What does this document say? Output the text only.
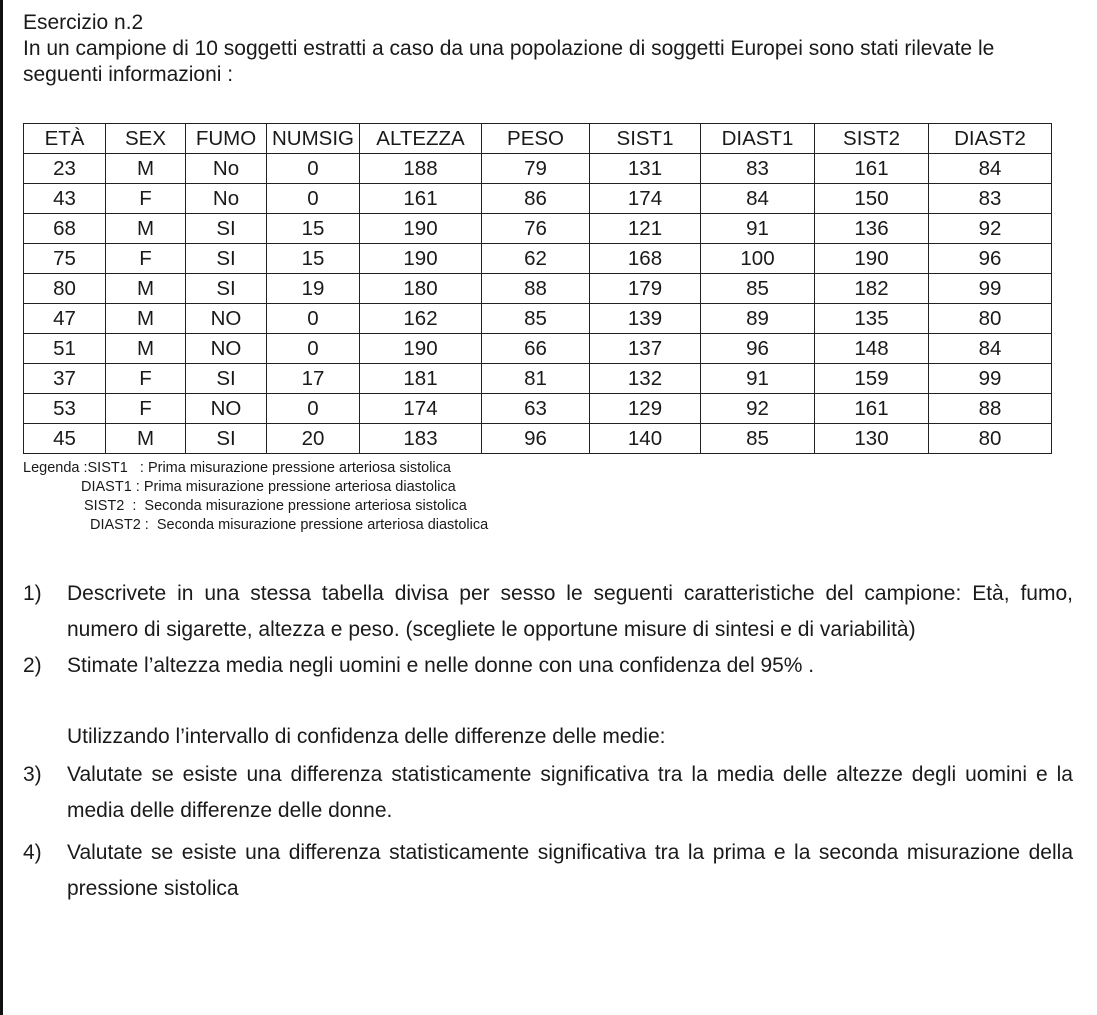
Esercizio n.2

In un campione di 10 soggetti estratti a caso da una popolazione di soggetti Europei sono stati rilevate le seguenti informazioni :

ETÀ	SEX	FUMO	NUMSIG	ALTEZZA	PESO	SIST1	DIAST1	SIST2	DIAST2
23	M	No	0	188	79	131	83	161	84
43	F	No	0	161	86	174	84	150	83
68	M	SI	15	190	76	121	91	136	92
75	F	SI	15	190	62	168	100	190	96
80	M	SI	19	180	88	179	85	182	99
47	M	NO	0	162	85	139	89	135	80
51	M	NO	0	190	66	137	96	148	84
37	F	SI	17	181	81	132	91	159	99
53	F	NO	0	174	63	129	92	161	88
45	M	SI	20	183	96	140	85	130	80
Legenda :SIST1   : Prima misurazione pressione arteriosa sistolica
DIAST1 : Prima misurazione pressione arteriosa diastolica
SIST2  :  Seconda misurazione pressione arteriosa sistolica
DIAST2 :  Seconda misurazione pressione arteriosa diastolica
1)	Descrivete in una stessa tabella divisa per sesso le seguenti caratteristiche del campione: Età, fumo, numero di sigarette, altezza e peso. (scegliete le opportune misure di sintesi e di variabilità)
2)	Stimate l’altezza media negli uomini e nelle donne con una confidenza del 95% .
Utilizzando l’intervallo di confidenza delle differenze delle medie:
3)	Valutate se esiste una differenza statisticamente significativa tra la media delle altezze degli uomini e la media delle differenze delle donne.
4)	Valutate se esiste una differenza statisticamente significativa tra la prima e la seconda misurazione della pressione sistolica
